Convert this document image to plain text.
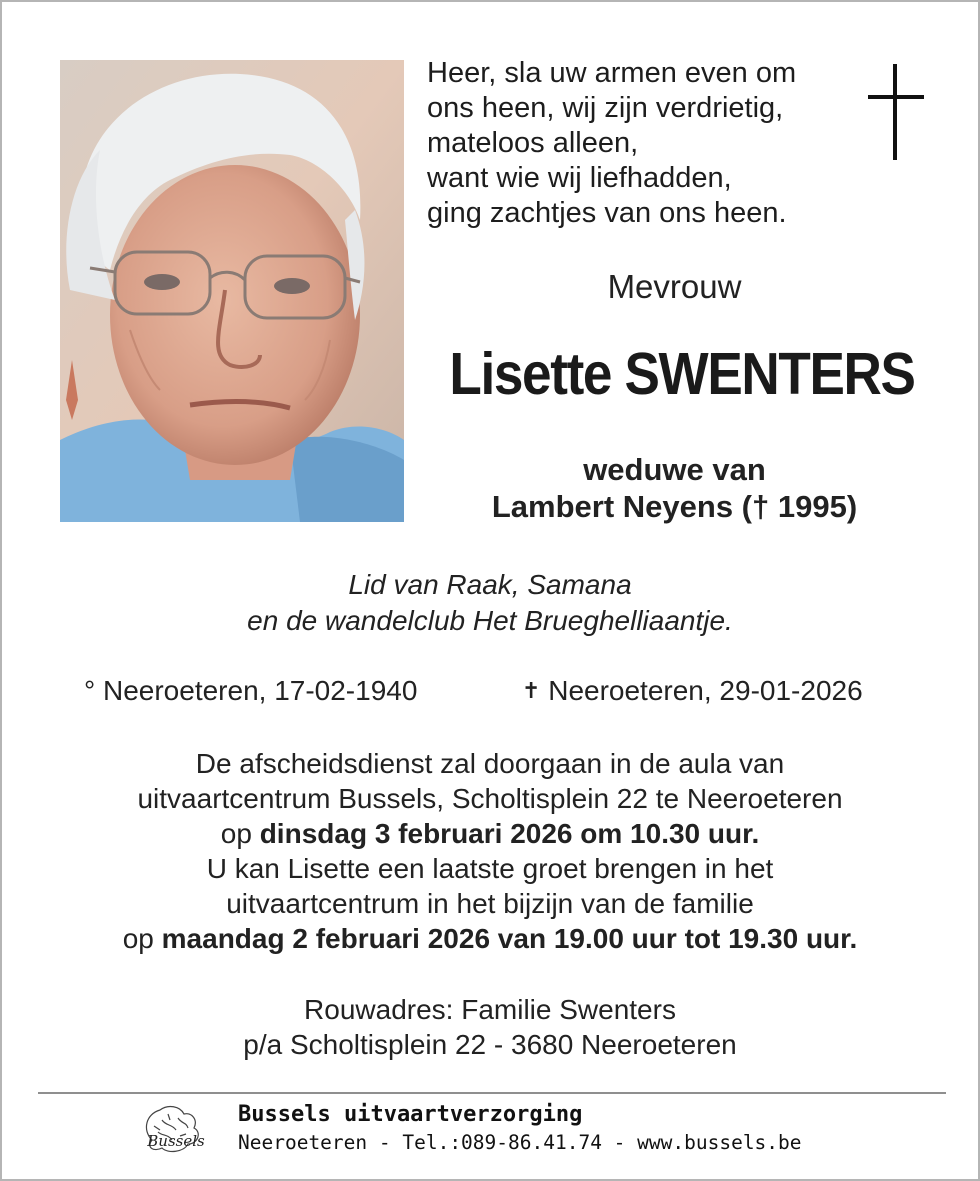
Heer, sla uw armen even om
ons heen, wij zijn verdrietig,
mateloos alleen,
want wie wij liefhadden,
ging zachtjes van ons heen.
Mevrouw
Lisette SWENTERS
weduwe van
Lambert Neyens († 1995)
Lid van Raak, Samana
en de wandelclub Het Brueghelliaantje.
° Neeroeteren, 17-02-1940	✝ Neeroeteren, 29-01-2026
De afscheidsdienst zal doorgaan in de aula van
uitvaartcentrum Bussels, Scholtisplein 22 te Neeroeteren
op dinsdag 3 februari 2026 om 10.30 uur.
U kan Lisette een laatste groet brengen in het
uitvaartcentrum in het bijzijn van de familie
op maandag 2 februari 2026 van 19.00 uur tot 19.30 uur.
Rouwadres: Familie Swenters
p/a Scholtisplein 22 - 3680 Neeroeteren
Bussels
Bussels uitvaartverzorging
Neeroeteren - Tel.:089-86.41.74 - www.bussels.be
